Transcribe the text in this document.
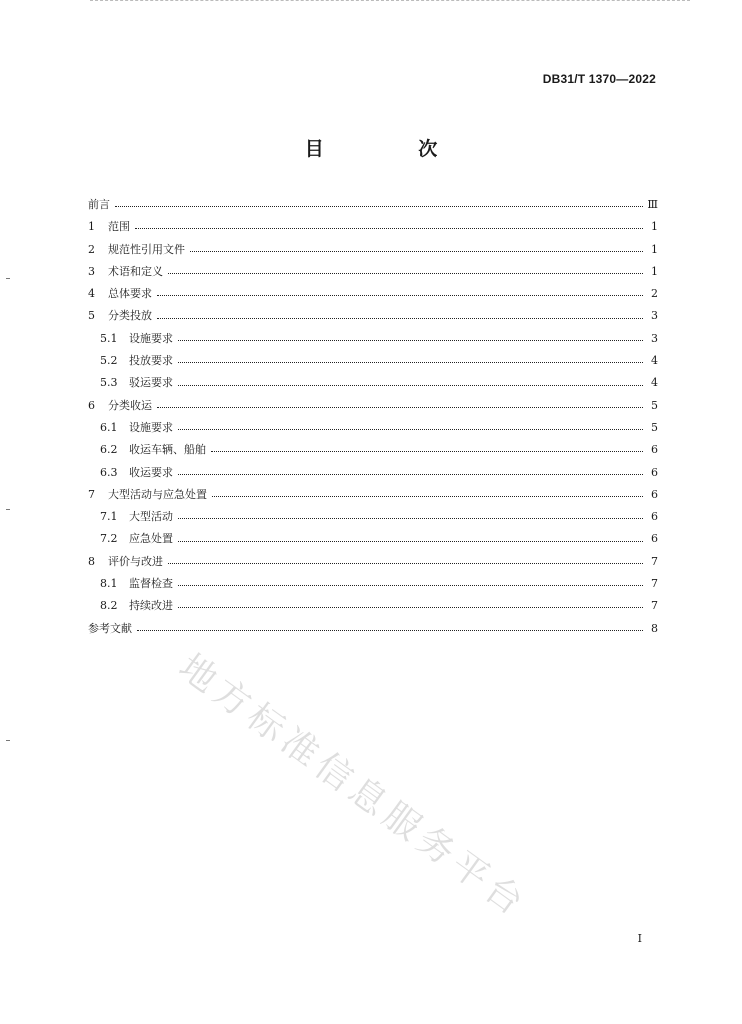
DB31/T 1370—2022
目 次
前言	Ⅲ
1	范围	1
2	规范性引用文件	1
3	术语和定义	1
4	总体要求	2
5	分类投放	3
5.1	设施要求	3
5.2	投放要求	4
5.3	驳运要求	4
6	分类收运	5
6.1	设施要求	5
6.2	收运车辆、船舶	6
6.3	收运要求	6
7	大型活动与应急处置	6
7.1	大型活动	6
7.2	应急处置	6
8	评价与改进	7
8.1	监督检查	7
8.2	持续改进	7
参考文献	8
地方标准信息服务平台
Ⅰ
